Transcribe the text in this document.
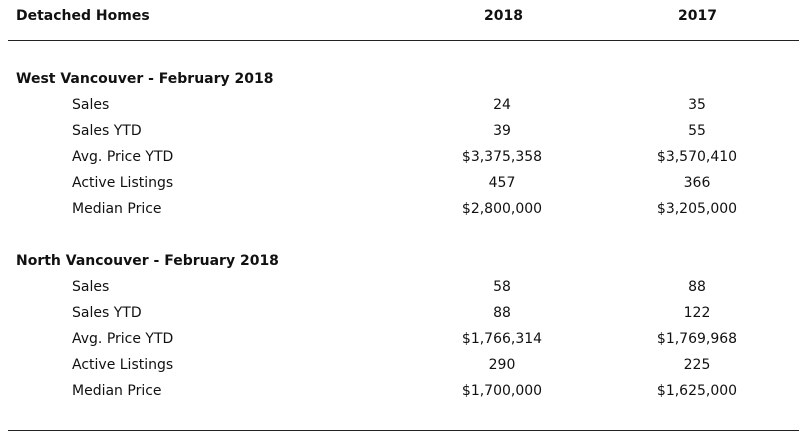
Detached Homes	2018	2017
West Vancouver - February 2018
Sales	24	35
Sales YTD	39	55
Avg. Price YTD	$3,375,358	$3,570,410
Active Listings	457	366
Median Price	$2,800,000	$3,205,000
North Vancouver - February 2018
Sales	58	88
Sales YTD	88	122
Avg. Price YTD	$1,766,314	$1,769,968
Active Listings	290	225
Median Price	$1,700,000	$1,625,000
